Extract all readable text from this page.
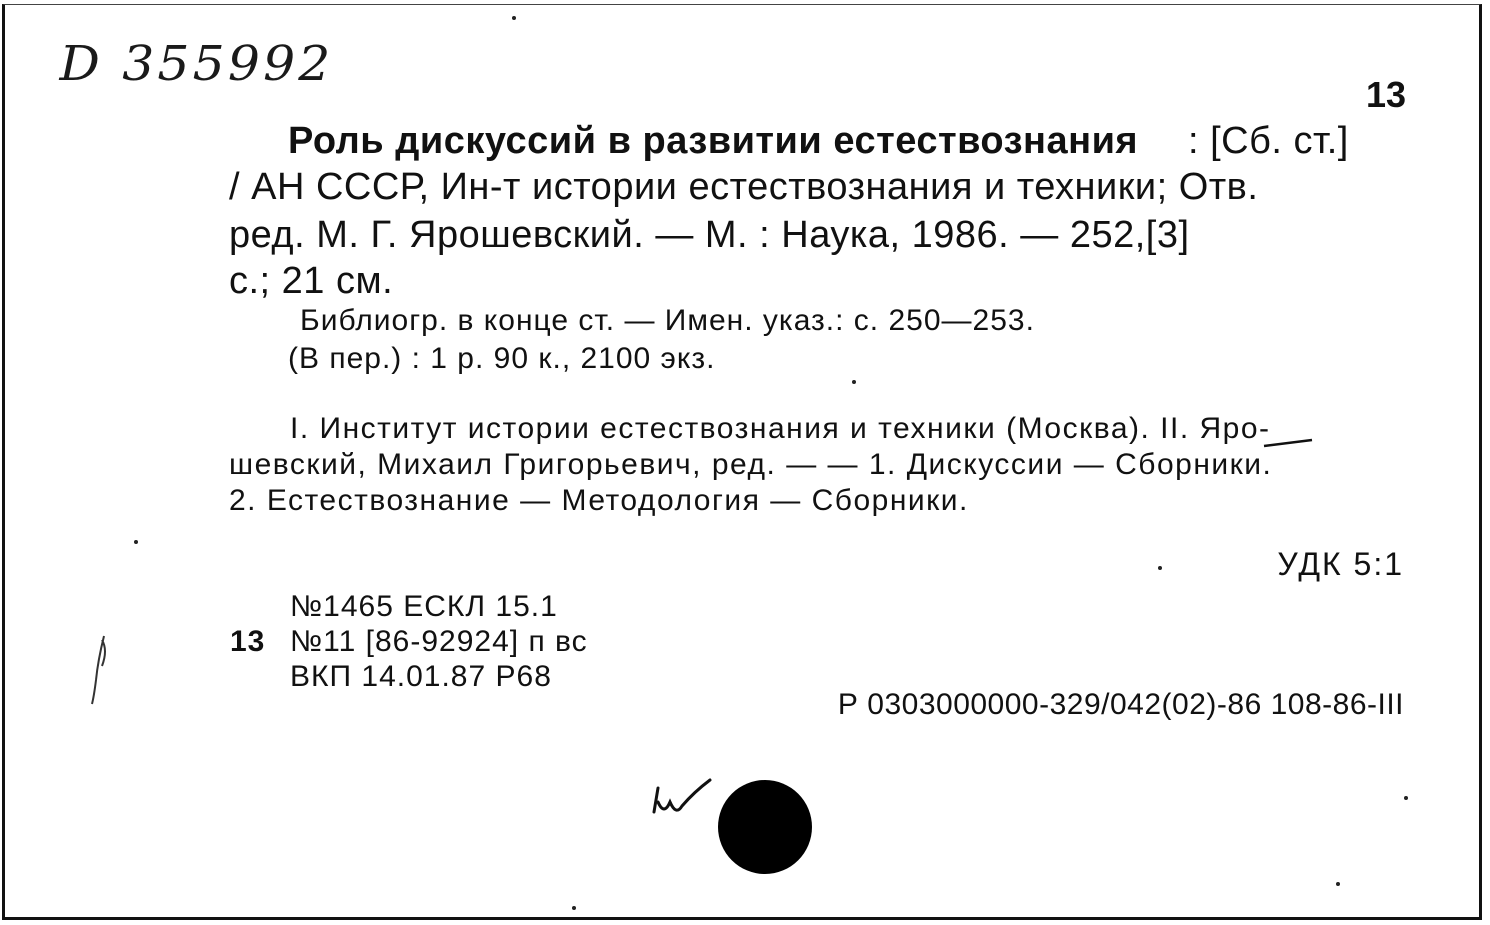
D 355992
13
Роль дискуссий в развитии естествознания : [Сб. ст.]
/ АН СССР, Ин-т истории естествознания и техники; Отв.
ред. М. Г. Ярошевский. — М. : Наука, 1986. — 252,[3]
с.; 21 см.
Библиогр. в конце ст. — Имен. указ.: с. 250—253.
(В пер.) : 1 р. 90 к., 2100 экз.
I. Институт истории естествознания и техники (Москва). II. Яро-
шевский, Михаил Григорьевич, ред. — — 1. Дискуссии — Сборники.
2. Естествознание — Методология — Сборники.
УДК 5:1
№1465 ЕСКЛ 15.1
13 №11 [86-92924] п вс
ВКП 14.01.87 Р68
Р 0303000000-329/042(02)-86 108-86-III
